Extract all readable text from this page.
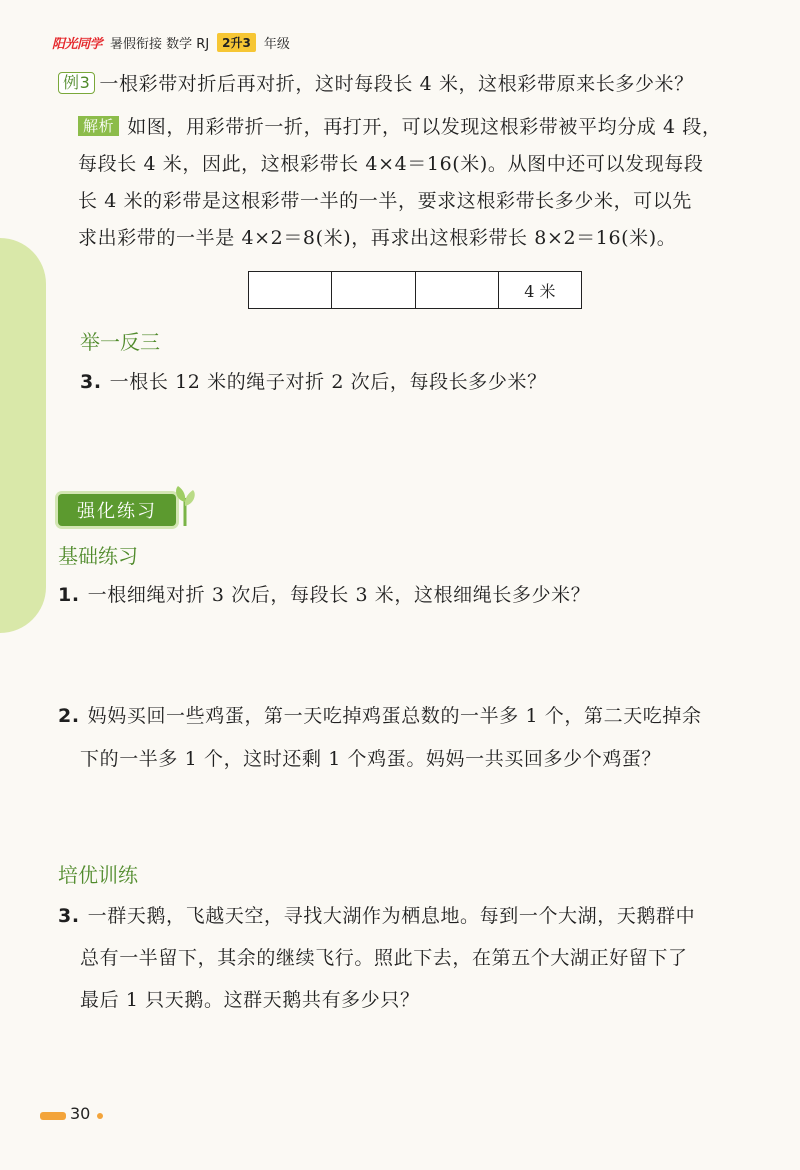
阳光同学 暑假衔接 数学 RJ	2升3	年级
例3 一根彩带对折后再对折，这时每段长 4 米，这根彩带原来长多少米？
解析 如图，用彩带折一折，再打开，可以发现这根彩带被平均分成 4 段，
每段长 4 米，因此，这根彩带长 4×4＝16(米)。从图中还可以发现每段
长 4 米的彩带是这根彩带一半的一半，要求这根彩带长多少米，可以先
求出彩带的一半是 4×2＝8(米)，再求出这根彩带长 8×2＝16(米)。
4 米
举一反三
3. 一根长 12 米的绳子对折 2 次后，每段长多少米？
强化练习
基础练习
1. 一根细绳对折 3 次后，每段长 3 米，这根细绳长多少米？
2. 妈妈买回一些鸡蛋，第一天吃掉鸡蛋总数的一半多 1 个，第二天吃掉余
下的一半多 1 个，这时还剩 1 个鸡蛋。妈妈一共买回多少个鸡蛋？
培优训练
3. 一群天鹅，飞越天空，寻找大湖作为栖息地。每到一个大湖，天鹅群中
总有一半留下，其余的继续飞行。照此下去，在第五个大湖正好留下了
最后 1 只天鹅。这群天鹅共有多少只？
30
